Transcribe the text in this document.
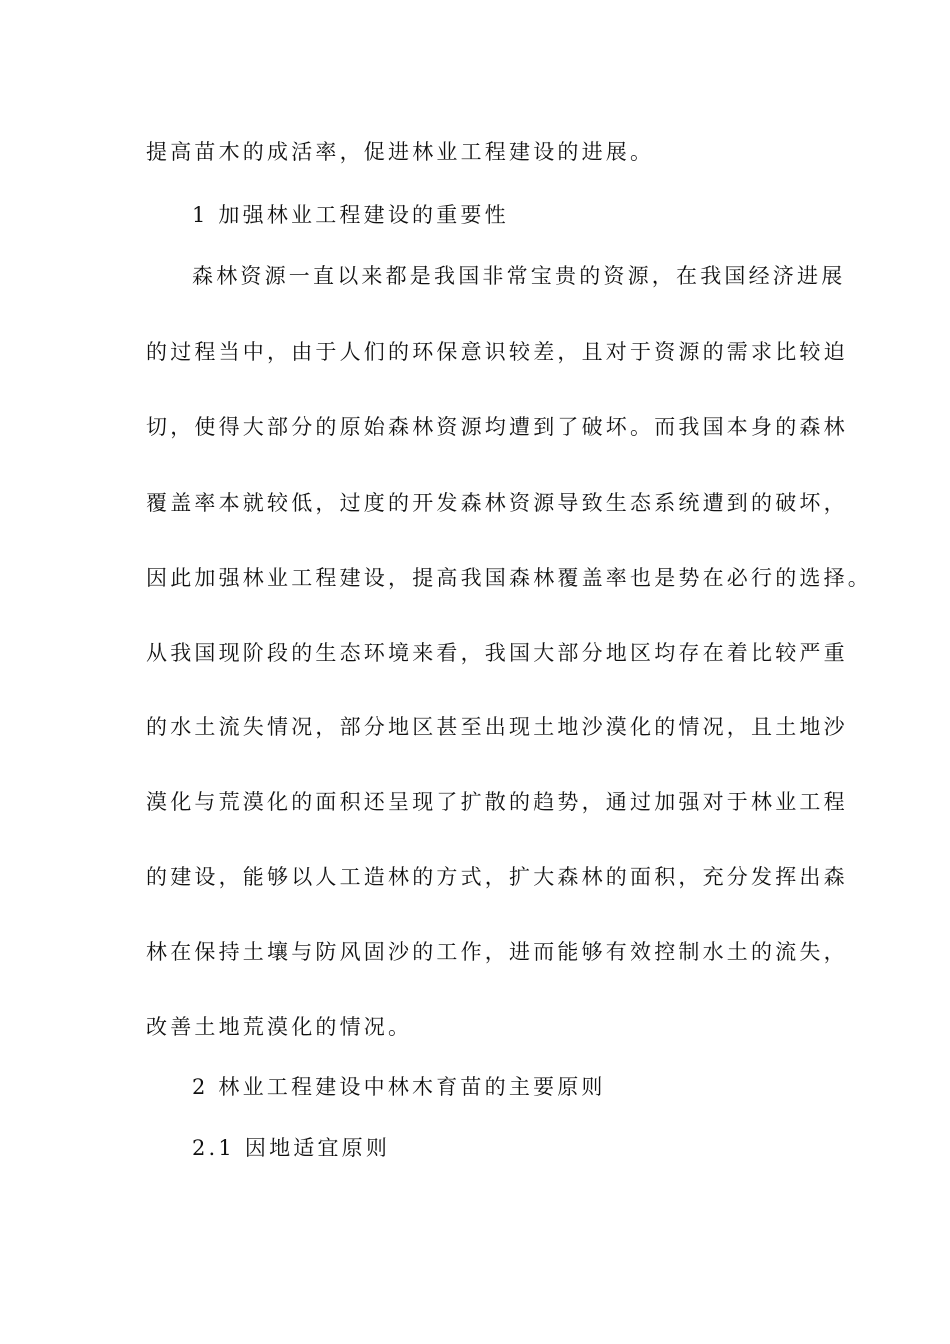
提高苗木的成活率，促进林业工程建设的进展。
1 加强林业工程建设的重要性
森林资源一直以来都是我国非常宝贵的资源，在我国经济进展
的过程当中，由于人们的环保意识较差，且对于资源的需求比较迫
切，使得大部分的原始森林资源均遭到了破坏。而我国本身的森林
覆盖率本就较低，过度的开发森林资源导致生态系统遭到的破坏，
因此加强林业工程建设，提高我国森林覆盖率也是势在必行的选择。
从我国现阶段的生态环境来看，我国大部分地区均存在着比较严重
的水土流失情况，部分地区甚至出现土地沙漠化的情况，且土地沙
漠化与荒漠化的面积还呈现了扩散的趋势，通过加强对于林业工程
的建设，能够以人工造林的方式，扩大森林的面积，充分发挥出森
林在保持土壤与防风固沙的工作，进而能够有效控制水土的流失，
改善土地荒漠化的情况。
2 林业工程建设中林木育苗的主要原则
2.1 因地适宜原则
